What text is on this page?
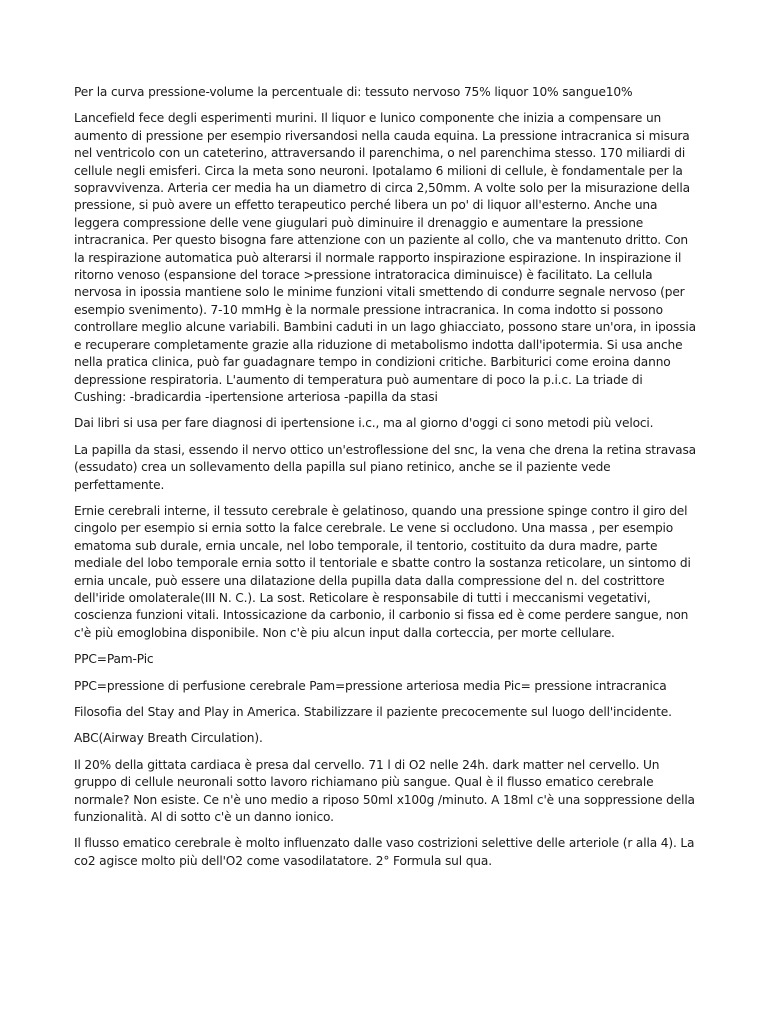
Per la curva pressione-volume la percentuale di: tessuto nervoso 75% liquor 10% sangue10%

Lancefield fece degli esperimenti murini. Il liquor e lunico componente che inizia a compensare un aumento di pressione per esempio riversandosi nella cauda equina. La pressione intracranica si misura nel ventricolo con un cateterino, attraversando il parenchima, o nel parenchima stesso. 170 miliardi di cellule negli emisferi. Circa la meta sono neuroni. Ipotalamo 6 milioni di cellule, è fondamentale per la sopravvivenza. Arteria cer media ha un diametro di circa 2,50mm. A volte solo per la misurazione della pressione, si può avere un effetto terapeutico perché libera un po' di liquor all'esterno. Anche una leggera compressione delle vene giugulari può diminuire il drenaggio e aumentare la pressione intracranica. Per questo bisogna fare attenzione con un paziente al collo, che va mantenuto dritto. Con la respirazione automatica può alterarsi il normale rapporto inspirazione espirazione. In inspirazione il ritorno venoso (espansione del torace >pressione intratoracica diminuisce) è facilitato. La cellula nervosa in ipossia mantiene solo le minime funzioni vitali smettendo di condurre segnale nervoso (per esempio svenimento). 7-10 mmHg è la normale pressione intracranica. In coma indotto si possono controllare meglio alcune variabili. Bambini caduti in un lago ghiacciato, possono stare un'ora, in ipossia e recuperare completamente grazie alla riduzione di metabolismo indotta dall'ipotermia. Si usa anche nella pratica clinica, può far guadagnare tempo in condizioni critiche. Barbiturici come eroina danno depressione respiratoria. L'aumento di temperatura può aumentare di poco la p.i.c. La triade di Cushing: -bradicardia -ipertensione arteriosa -papilla da stasi

Dai libri si usa per fare diagnosi di ipertensione i.c., ma al giorno d'oggi ci sono metodi più veloci.

La papilla da stasi, essendo il nervo ottico un'estroflessione del snc, la vena che drena la retina stravasa (essudato) crea un sollevamento della papilla sul piano retinico, anche se il paziente vede perfettamente.

Ernie cerebrali interne, il tessuto cerebrale è gelatinoso, quando una pressione spinge contro il giro del cingolo per esempio si ernia sotto la falce cerebrale. Le vene si occludono. Una massa , per esempio ematoma sub durale, ernia uncale, nel lobo temporale, il tentorio, costituito da dura madre, parte mediale del lobo temporale ernia sotto il tentoriale e sbatte contro la sostanza reticolare, un sintomo di ernia uncale, può essere una dilatazione della pupilla data dalla compressione del n. del costrittore dell'iride omolaterale(III N. C.). La sost. Reticolare è responsabile di tutti i meccanismi vegetativi, coscienza funzioni vitali. Intossicazione da carbonio, il carbonio si fissa ed è come perdere sangue, non c'è più emoglobina disponibile. Non c'è piu alcun input dalla corteccia, per morte cellulare.

PPC=Pam-Pic

PPC=pressione di perfusione cerebrale Pam=pressione arteriosa media Pic= pressione intracranica

Filosofia del Stay and Play in America. Stabilizzare il paziente precocemente sul luogo dell'incidente.

ABC(Airway Breath Circulation).

Il 20% della gittata cardiaca è presa dal cervello. 71 l di O2 nelle 24h. dark matter nel cervello. Un gruppo di cellule neuronali sotto lavoro richiamano più sangue. Qual è il flusso ematico cerebrale normale? Non esiste. Ce n'è uno medio a riposo 50ml x100g /minuto. A 18ml c'è una soppressione della funzionalità. Al di sotto c'è un danno ionico.

Il flusso ematico cerebrale è molto influenzato dalle vaso costrizioni selettive delle arteriole (r alla 4). La co2 agisce molto più dell'O2 come vasodilatatore. 2° Formula sul qua.
